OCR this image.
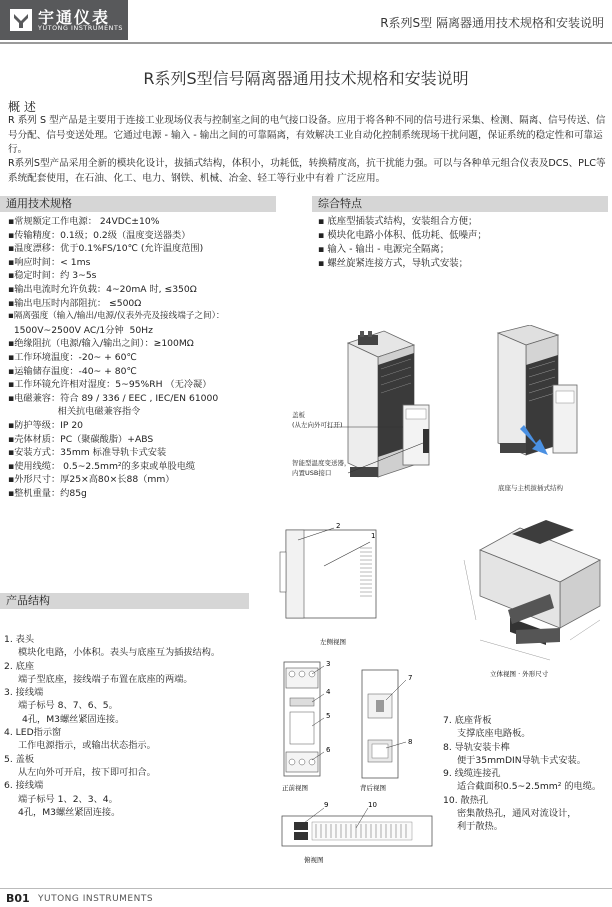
宇通仪表
YUTONG INSTRUMENTS	R系列S型 隔离器通用技术规格和安装说明
R系列S型信号隔离器通用技术规格和安装说明
概 述
R 系列 S 型产品是主要用于连接工业现场仪表与控制室之间的电气接口设备。应用于将各种不同的信号进行采集、检测、隔离、信号传送、信号分配、信号变送处理。它通过电源 - 输入 - 输出之间的可靠隔离，有效解决工业自动化控制系统现场干扰问题，保证系统的稳定性和可靠运行。
R系列S型产品采用全新的模块化设计，拔插式结构，体积小，功耗低，转换精度高，抗干扰能力强。可以与各种单元组合仪表及DCS、PLC等系统配套使用，在石油、化工、电力、钢铁、机械、冶金、轻工等行业中有着 广泛应用。
通用技术规格	综合特点
产品结构
▪常规额定工作电源： 24VDC±10%
▪传输精度：0.1级；0.2级（温度变送器类）
▪温度漂移：优于0.1%FS/10℃ (允许温度范围)
▪响应时间：< 1ms
▪稳定时间：约 3~5s
▪输出电流时允许负载：4~20mA 时, ≤350Ω
▪输出电压时内部阻抗： ≤500Ω
▪隔离强度（输入/输出/电源/仪表外壳及接线端子之间）：
1500V~2500V AC/1分钟  50Hz
▪绝缘阻抗（电源/输入/输出之间）：≥100MΩ
▪工作环境温度：-20~ + 60℃
▪运输储存温度：-40~ + 80℃
▪工作环镜允许相对湿度：5~95%RH （无冷凝）
▪电磁兼容：符合 89 / 336 / EEC , IEC/EN 61000
相关抗电磁兼容指令
▪防护等级：IP 20
▪壳体材质：PC（聚碳酸脂）+ABS
▪安装方式：35mm 标准导轨卡式安装
▪使用线缆： 0.5~2.5mm²的多束或单股电缆
▪外形尺寸：厚25×高80×长88（mm）
▪整机重量：约85g
▪ 底座型插装式结构，安装组合方便；
▪ 模块化电路小体积、低功耗、低噪声；
▪ 输入 - 输出 - 电源完全隔离；
▪ 螺丝旋紧连接方式，导轨式安装；
盖板
(从左向外可打开)
智能型温度变送器，
内置USB接口
底座与主机拔插式结构
1
2
左侧视图
立体视图 · 外形尺寸
3
4
5
6
正前视图
7
8
背后视图
9	10
俯视图
1. 表头
模块化电路，小体积。表头与底座互为插拔结构。
2. 底座
端子型底座，接线端子布置在底座的两端。
3. 接线端
端子标号 8、7、6、5。
4孔，M3螺丝紧固连接。
4. LED指示窗
工作电源指示，或输出状态指示。
5. 盖板
从左向外可开启，按下即可扣合。
6. 接线端
端子标号 1、2、3、4。
4孔，M3螺丝紧固连接。
7. 底座背板
支撑底座电路板。
8. 导轨安装卡榫
便于35mmDIN导轨卡式安装。
9. 线缆连接孔
适合截面积0.5~2.5mm² 的电缆。
10. 散热孔
密集散热孔，通风对流设计，
利于散热。
B01 YUTONG INSTRUMENTS
